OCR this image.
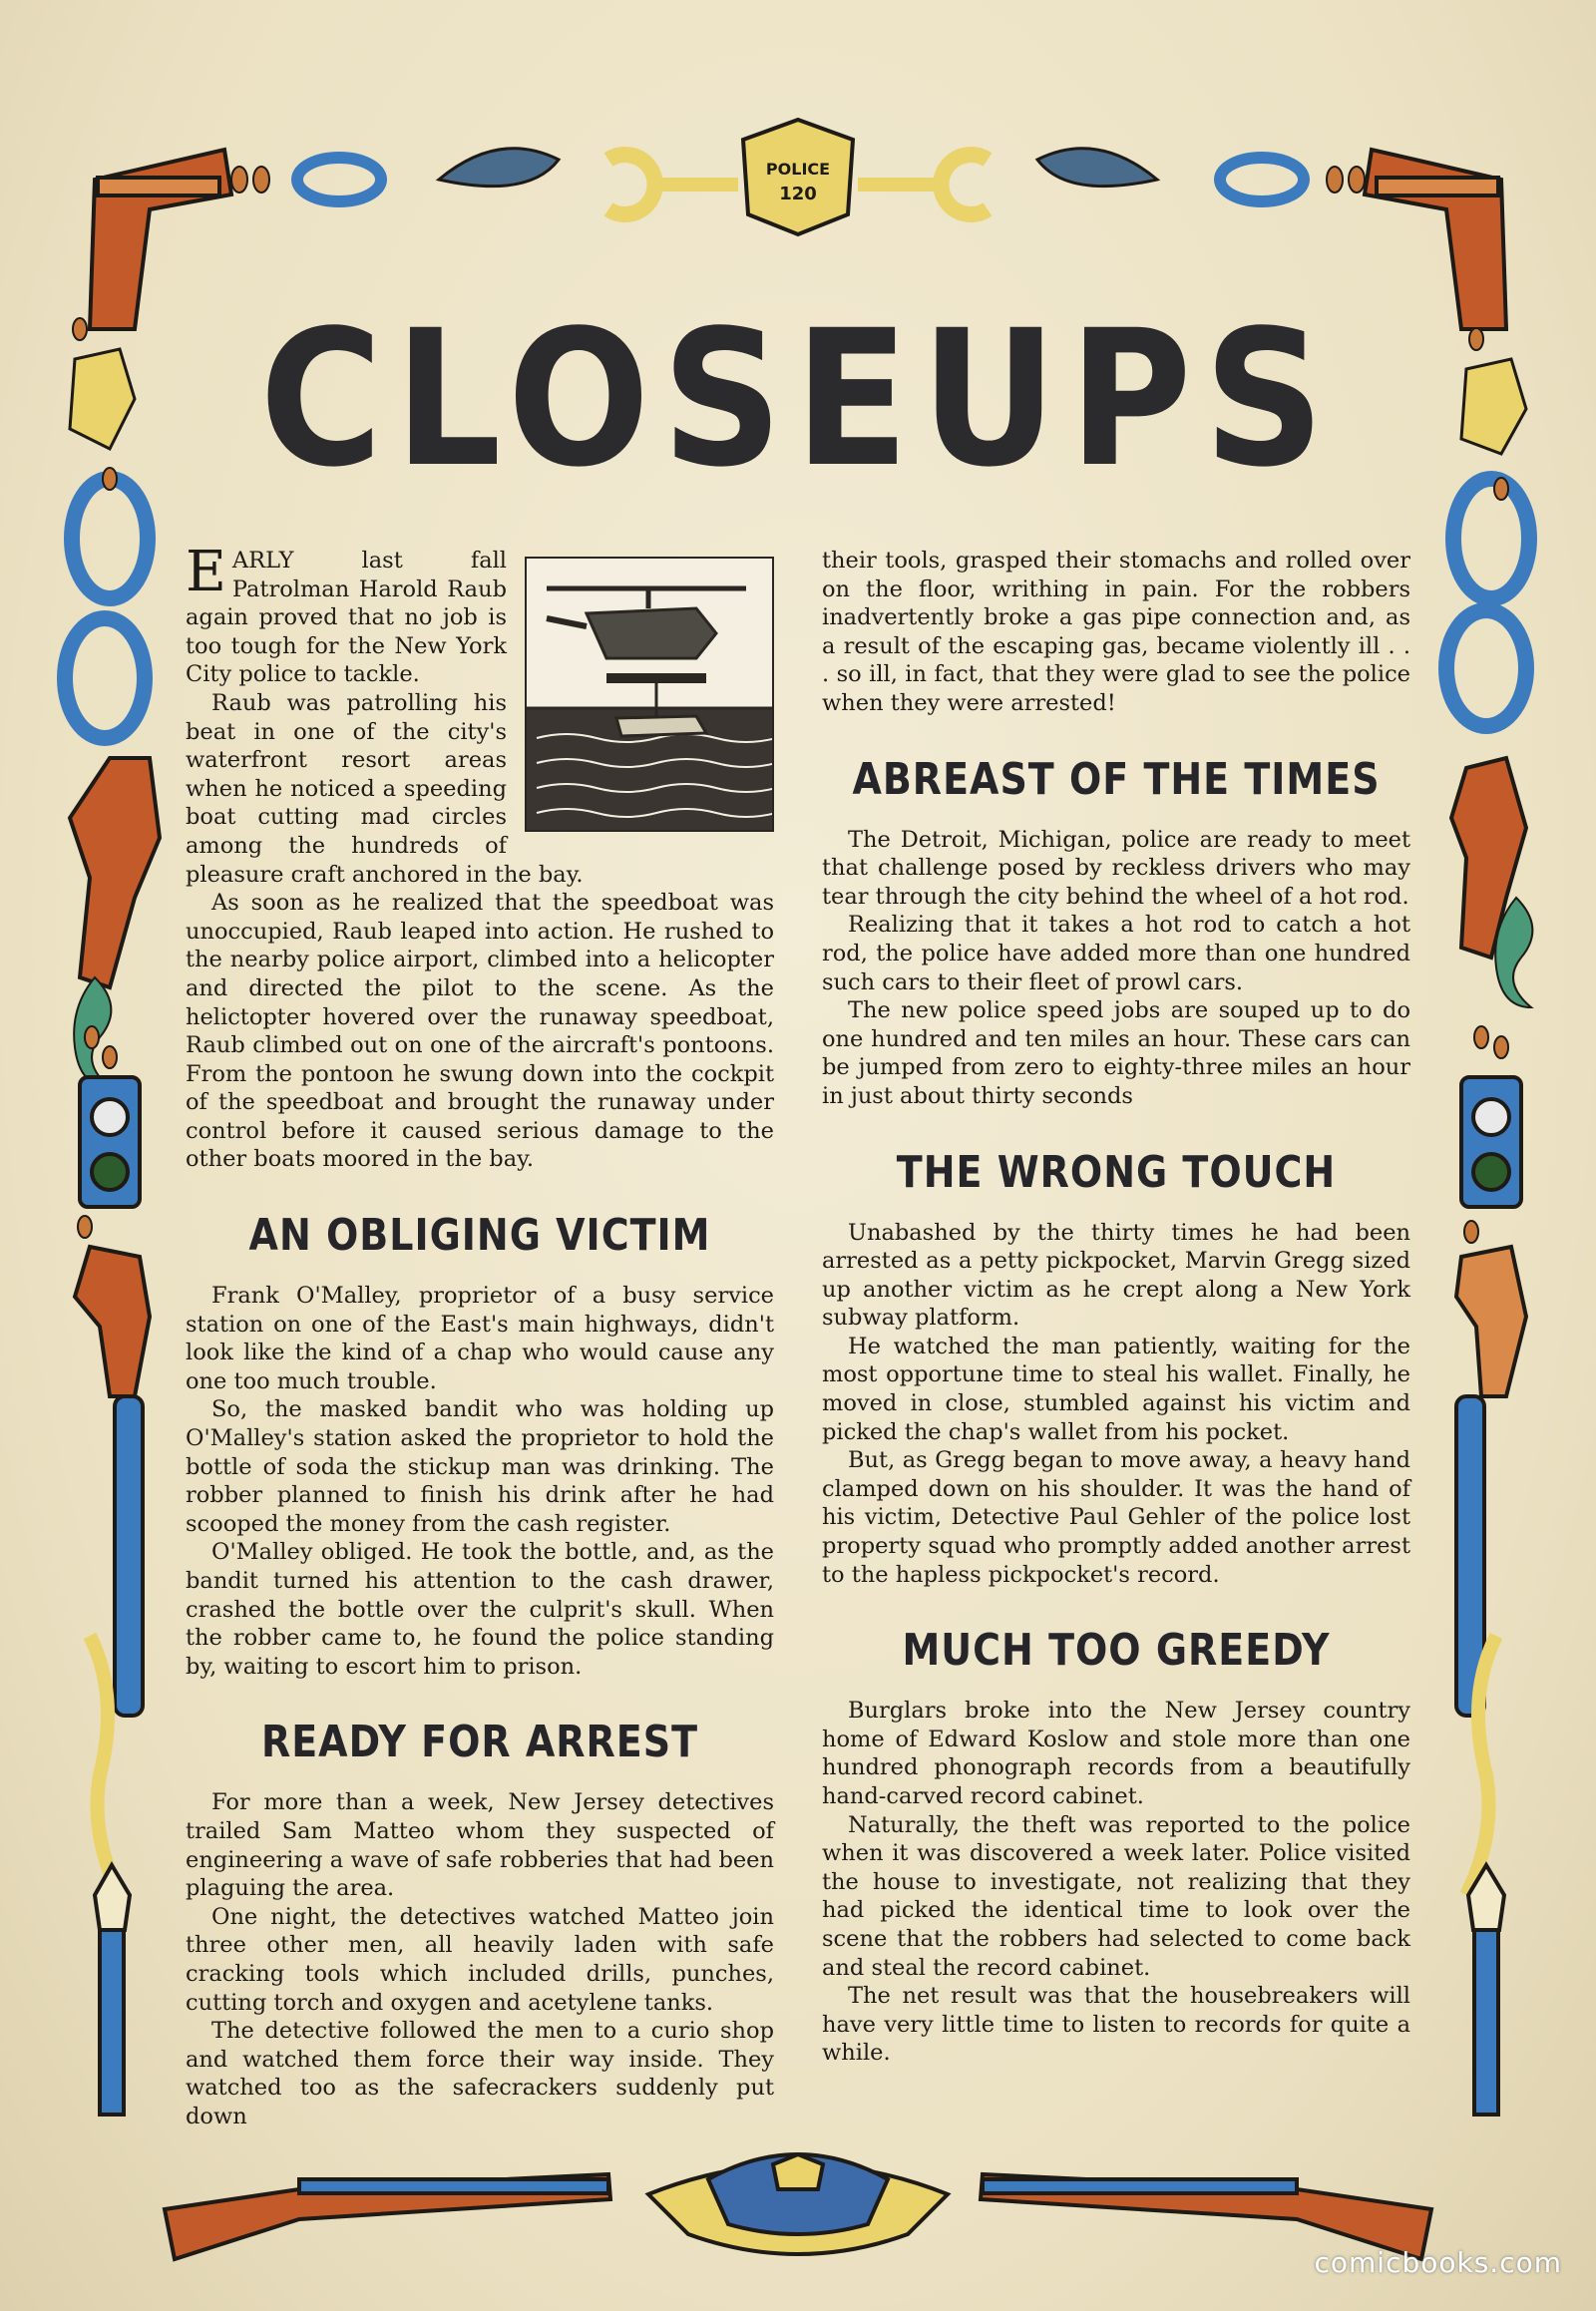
POLICE
120
CLOSEUPS

EARLY last fall Patrolman Harold Raub again proved that no job is too tough for the New York City police to tackle.

Raub was patrolling his beat in one of the city's waterfront resort areas when he noticed a speeding boat cutting mad circles among the hundreds of pleasure craft anchored in the bay.

As soon as he realized that the speedboat was unoccupied, Raub leaped into action. He rushed to the nearby police airport, climbed into a helicopter and directed the pilot to the scene. As the helictopter hovered over the runaway speedboat, Raub climbed out on one of the aircraft's pontoons. From the pontoon he swung down into the cockpit of the speedboat and brought the runaway under control before it caused serious damage to the other boats moored in the bay.

AN OBLIGING VICTIM

Frank O'Malley, proprietor of a busy service station on one of the East's main highways, didn't look like the kind of a chap who would cause any one too much trouble.

So, the masked bandit who was holding up O'Malley's station asked the proprietor to hold the bottle of soda the stickup man was drinking. The robber planned to finish his drink after he had scooped the money from the cash register.

O'Malley obliged. He took the bottle, and, as the bandit turned his attention to the cash drawer, crashed the bottle over the culprit's skull. When the robber came to, he found the police standing by, waiting to escort him to prison.

READY FOR ARREST

For more than a week, New Jersey detectives trailed Sam Matteo whom they suspected of engineering a wave of safe robberies that had been plaguing the area.

One night, the detectives watched Matteo join three other men, all heavily laden with safe cracking tools which included drills, punches, cutting torch and oxygen and acetylene tanks.

The detective followed the men to a curio shop and watched them force their way inside. They watched too as the safecrackers suddenly put down

their tools, grasped their stomachs and rolled over on the floor, writhing in pain. For the robbers inadvertently broke a gas pipe connection and, as a result of the escaping gas, became violently ill . . . so ill, in fact, that they were glad to see the police when they were arrested!

ABREAST OF THE TIMES

The Detroit, Michigan, police are ready to meet that challenge posed by reckless drivers who may tear through the city behind the wheel of a hot rod.

Realizing that it takes a hot rod to catch a hot rod, the police have added more than one hundred such cars to their fleet of prowl cars.

The new police speed jobs are souped up to do one hundred and ten miles an hour. These cars can be jumped from zero to eighty-three miles an hour in just about thirty seconds

THE WRONG TOUCH

Unabashed by the thirty times he had been arrested as a petty pickpocket, Marvin Gregg sized up another victim as he crept along a New York subway platform.

He watched the man patiently, waiting for the most opportune time to steal his wallet. Finally, he moved in close, stumbled against his victim and picked the chap's wallet from his pocket.

But, as Gregg began to move away, a heavy hand clamped down on his shoulder. It was the hand of his victim, Detective Paul Gehler of the police lost property squad who promptly added another arrest to the hapless pickpocket's record.

MUCH TOO GREEDY

Burglars broke into the New Jersey country home of Edward Koslow and stole more than one hundred phonograph records from a beautifully hand-carved record cabinet.

Naturally, the theft was reported to the police when it was discovered a week later. Police visited the house to investigate, not realizing that they had picked the identical time to look over the scene that the robbers had selected to come back and steal the record cabinet.

The net result was that the housebreakers will have very little time to listen to records for quite a while.

comicbooks.com
